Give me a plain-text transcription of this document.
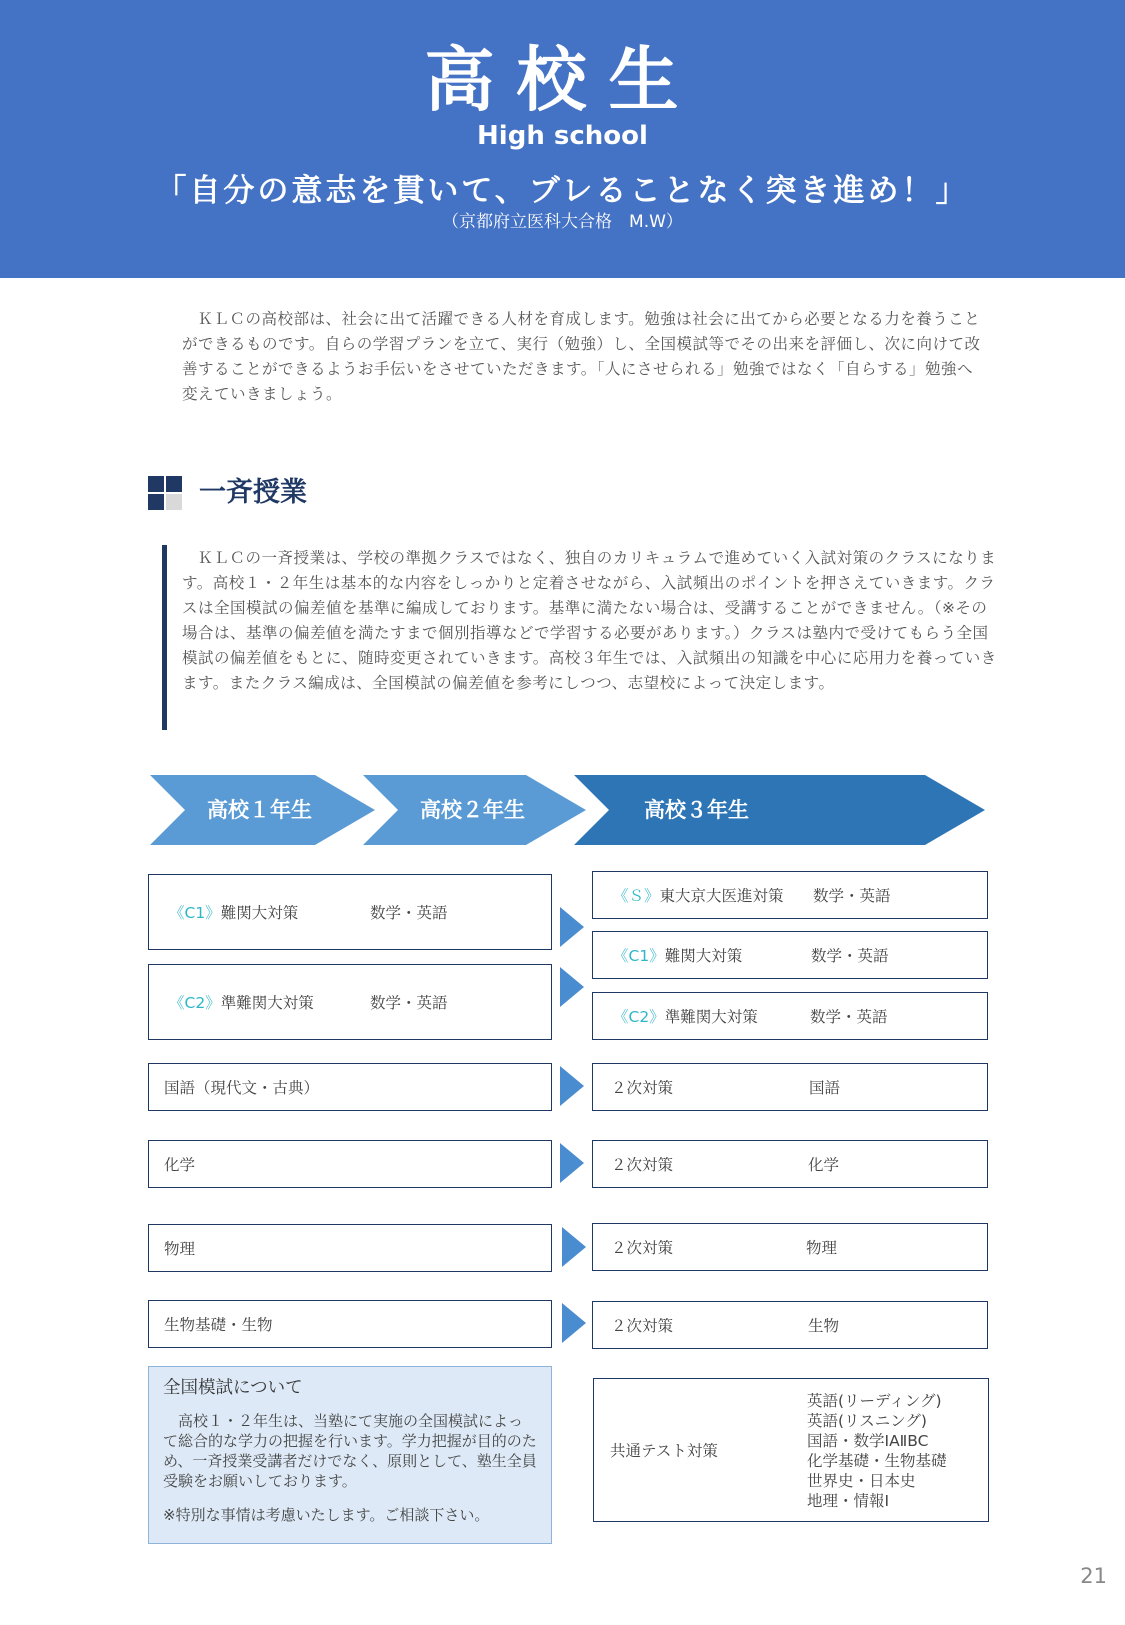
高校生
High school
「自分の意志を貫いて、ブレることなく突き進め！」
（京都府立医科大合格　M.W）
ＫＬＣの高校部は、社会に出て活躍できる人材を育成します。勉強は社会に出てから必要となる力を養うことができるものです。自らの学習プランを立て、実行（勉強）し、全国模試等でその出来を評価し、次に向けて改善することができるようお手伝いをさせていただきます。「人にさせられる」勉強ではなく「自らする」勉強へ変えていきましょう。
一斉授業
ＫＬＣの一斉授業は、学校の準拠クラスではなく、独自のカリキュラムで進めていく入試対策のクラスになります。高校１・２年生は基本的な内容をしっかりと定着させながら、入試頻出のポイントを押さえていきます。クラスは全国模試の偏差値を基準に編成しております。基準に満たない場合は、受講することができません。（※その場合は、基準の偏差値を満たすまで個別指導などで学習する必要があります。）クラスは塾内で受けてもらう全国模試の偏差値をもとに、随時変更されていきます。高校３年生では、入試頻出の知識を中心に応用力を養っていきます。またクラス編成は、全国模試の偏差値を参考にしつつ、志望校によって決定します。
高校１年生	高校２年生	高校３年生
《C1》難関大対策	数学・英語
《C2》準難関大対策	数学・英語
国語（現代文・古典）
化学
物理
生物基礎・生物
《Ｓ》東大京大医進対策 数学・英語
《C1》難関大対策	数学・英語
《C2》準難関大対策	数学・英語
２次対策	国語
２次対策	化学
２次対策	物理
２次対策	生物
全国模試について
高校１・２年生は、当塾にて実施の全国模試によって総合的な学力の把握を行います。学力把握が目的のため、一斉授業受講者だけでなく、原則として、塾生全員受験をお願いしております。
※特別な事情は考慮いたします。ご相談下さい。
共通テスト対策
英語(リーディング)
英語(リスニング)
国語・数学ⅠAⅡBC
化学基礎・生物基礎
世界史・日本史
地理・情報Ⅰ
21
